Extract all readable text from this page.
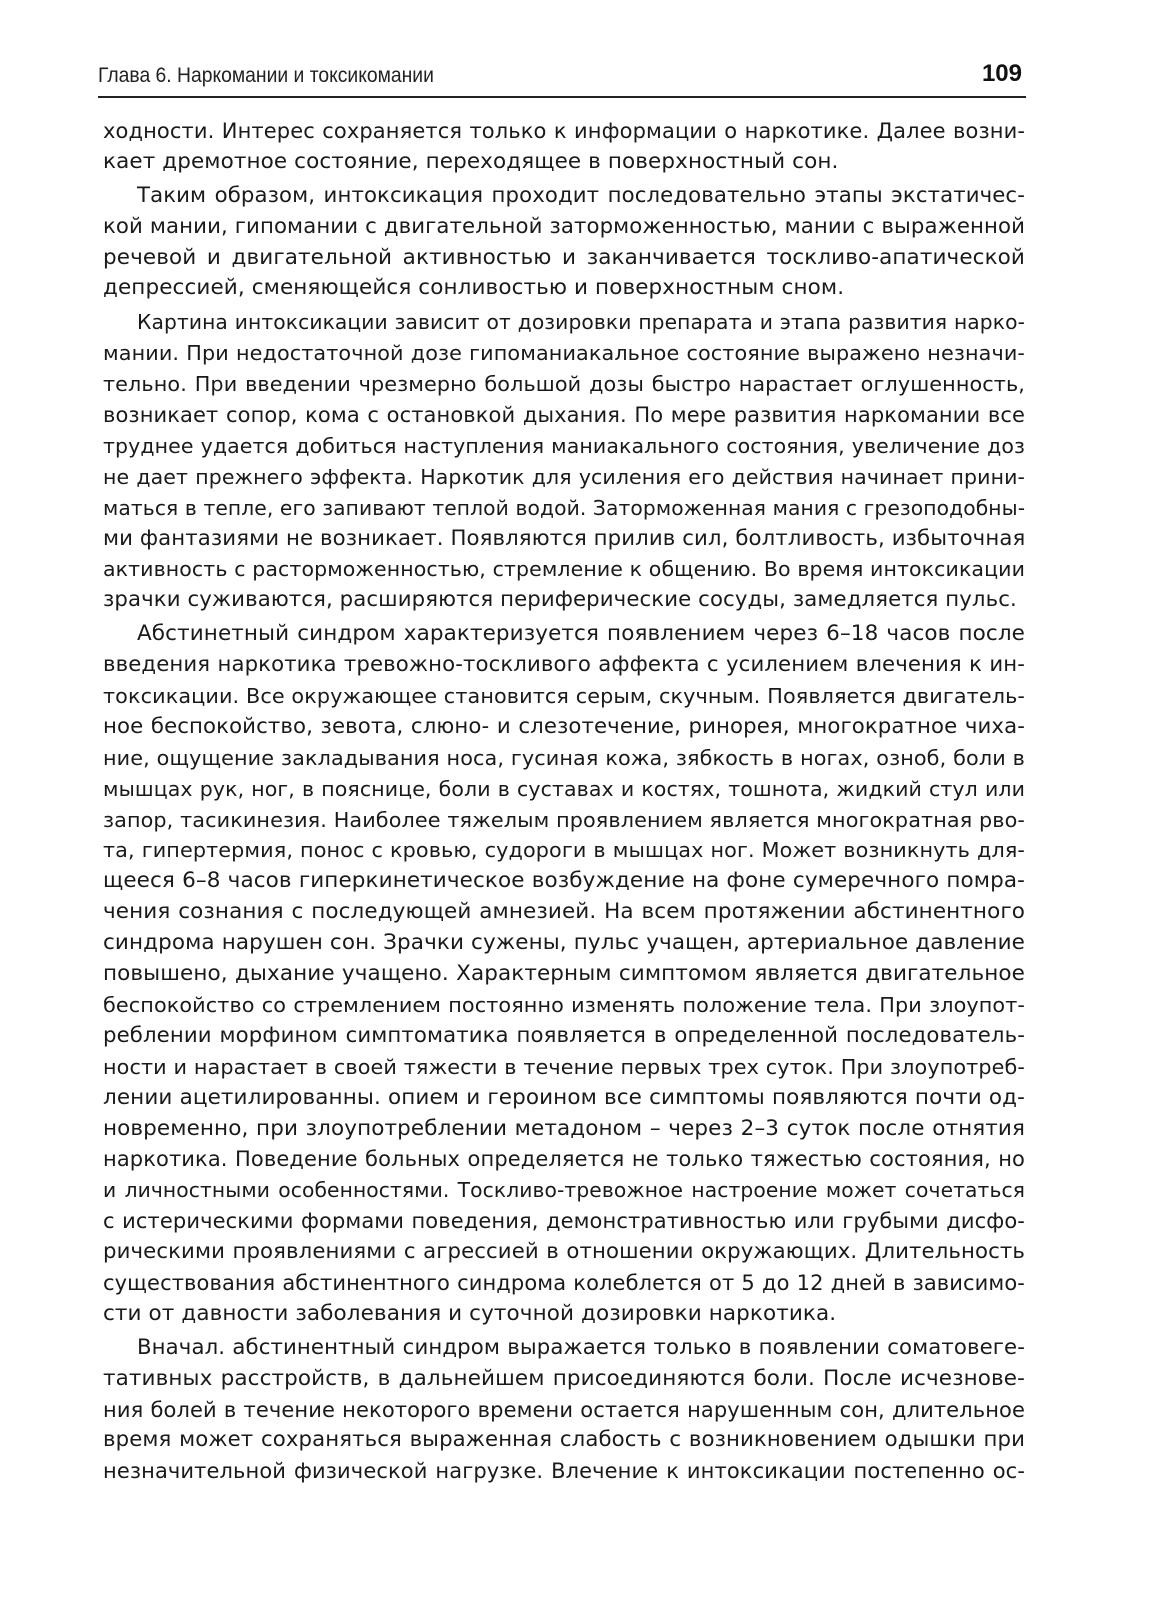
Глава 6. Наркомании и токсикомании	109
ходности. Интерес сохраняется только к информации о наркотике. Далее возни-
кает дремотное состояние, переходящее в поверхностный сон.
Таким образом, интоксикация проходит последовательно этапы экстатичес-
кой мании, гипомании с двигательной заторможенностью, мании с выраженной
речевой и двигательной активностью и заканчивается тоскливо-апатической
депрессией, сменяющейся сонливостью и поверхностным сном.
Картина интоксикации зависит от дозировки препарата и этапа развития нарко-
мании. При недостаточной дозе гипоманиакальное состояние выражено незначи-
тельно. При введении чрезмерно большой дозы быстро нарастает оглушенность,
возникает сопор, кома с остановкой дыхания. По мере развития наркомании все
труднее удается добиться наступления маниакального состояния, увеличение доз
не дает прежнего эффекта. Наркотик для усиления его действия начинает прини-
маться в тепле, его запивают теплой водой. Заторможенная мания с грезоподобны-
ми фантазиями не возникает. Появляются прилив сил, болтливость, избыточная
активность с расторможенностью, стремление к общению. Во время интоксикации
зрачки суживаются, расширяются периферические сосуды, замедляется пульс.
Абстинетный синдром характеризуется появлением через 6–18 часов после
введения наркотика тревожно-тоскливого аффекта с усилением влечения к ин-
токсикации. Все окружающее становится серым, скучным. Появляется двигатель-
ное беспокойство, зевота, слюно- и слезотечение, ринорея, многократное чиха-
ние, ощущение закладывания носа, гусиная кожа, зябкость в ногах, озноб, боли в
мышцах рук, ног, в пояснице, боли в суставах и костях, тошнота, жидкий стул или
запор, тасикинезия. Наиболее тяжелым проявлением является многократная рво-
та, гипертермия, понос с кровью, судороги в мышцах ног. Может возникнуть для-
щееся 6–8 часов гиперкинетическое возбуждение на фоне сумеречного помра-
чения сознания с последующей амнезией. На всем протяжении абстинентного
синдрома нарушен сон. Зрачки сужены, пульс учащен, артериальное давление
повышено, дыхание учащено. Характерным симптомом является двигательное
беспокойство со стремлением постоянно изменять положение тела. При злоупот-
реблении морфином симптоматика появляется в определенной последователь-
ности и нарастает в своей тяжести в течение первых трех суток. При злоупотреб-
лении ацетилированны. опием и героином все симптомы появляются почти од-
новременно, при злоупотреблении метадоном – через 2–3 суток после отнятия
наркотика. Поведение больных определяется не только тяжестью состояния, но
и личностными особенностями. Тоскливо-тревожное настроение может сочетаться
с истерическими формами поведения, демонстративностью или грубыми дисфо-
рическими проявлениями с агрессией в отношении окружающих. Длительность
существования абстинентного синдрома колеблется от 5 до 12 дней в зависимо-
сти от давности заболевания и суточной дозировки наркотика.
Вначал. абстинентный синдром выражается только в появлении соматовеге-
тативных расстройств, в дальнейшем присоединяются боли. После исчезнове-
ния болей в течение некоторого времени остается нарушенным сон, длительное
время может сохраняться выраженная слабость с возникновением одышки при
незначительной физической нагрузке. Влечение к интоксикации постепенно ос-
